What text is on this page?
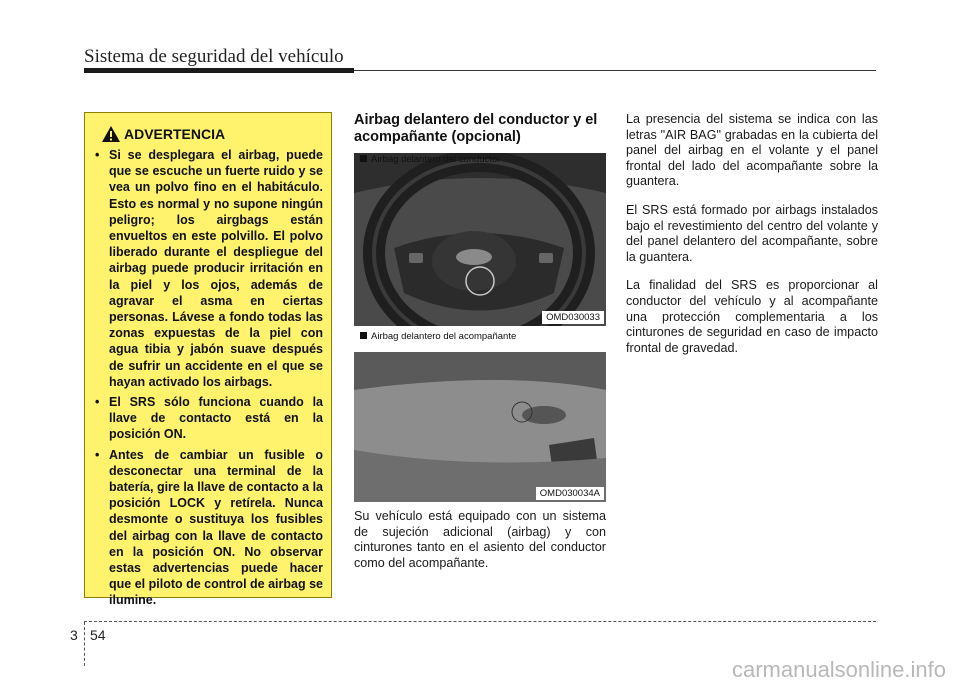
Sistema de seguridad del vehículo
ADVERTENCIA
• Si se desplegara el airbag, puede que se escuche un fuerte ruido y se vea un polvo fino en el habitáculo. Esto es normal y no supone ningún peligro; los airgbags están envueltos en este polvillo. El polvo liberado durante el despliegue del airbag puede producir irritación en la piel y los ojos, además de agravar el asma en ciertas personas. Lávese a fondo todas las zonas expuestas de la piel con agua tibia y jabón suave después de sufrir un accidente en el que se hayan activado los airbags.
• El SRS sólo funciona cuando la llave de contacto está en la posición ON.
• Antes de cambiar un fusible o desconectar una terminal de la batería, gire la llave de contacto a la posición LOCK y retírela. Nunca desmonte o sustituya los fusibles del airbag con la llave de contacto en la posición ON. No observar estas advertencias puede hacer que el piloto de control de airbag se ilumine.
Airbag delantero del conductor y el acompañante (opcional)
Airbag delantero del conductor
OMD030033
Airbag delantero del acompañante
OMD030034A

Su vehículo está equipado con un sistema de sujeción adicional (airbag) y con cinturones tanto en el asiento del conductor como del acompañante.

La presencia del sistema se indica con las letras "AIR BAG" grabadas en la cubierta del panel del airbag en el volante y el panel frontal del lado del acompañante sobre la guantera.

El SRS está formado por airbags instalados bajo el revestimiento del centro del volante y del panel delantero del acompañante, sobre la guantera.

La finalidad del SRS es proporcionar al conductor del vehículo y al acompañante una protección complementaria a los cinturones de seguridad en caso de impacto frontal de gravedad.

3 54
carmanualsonline.info
